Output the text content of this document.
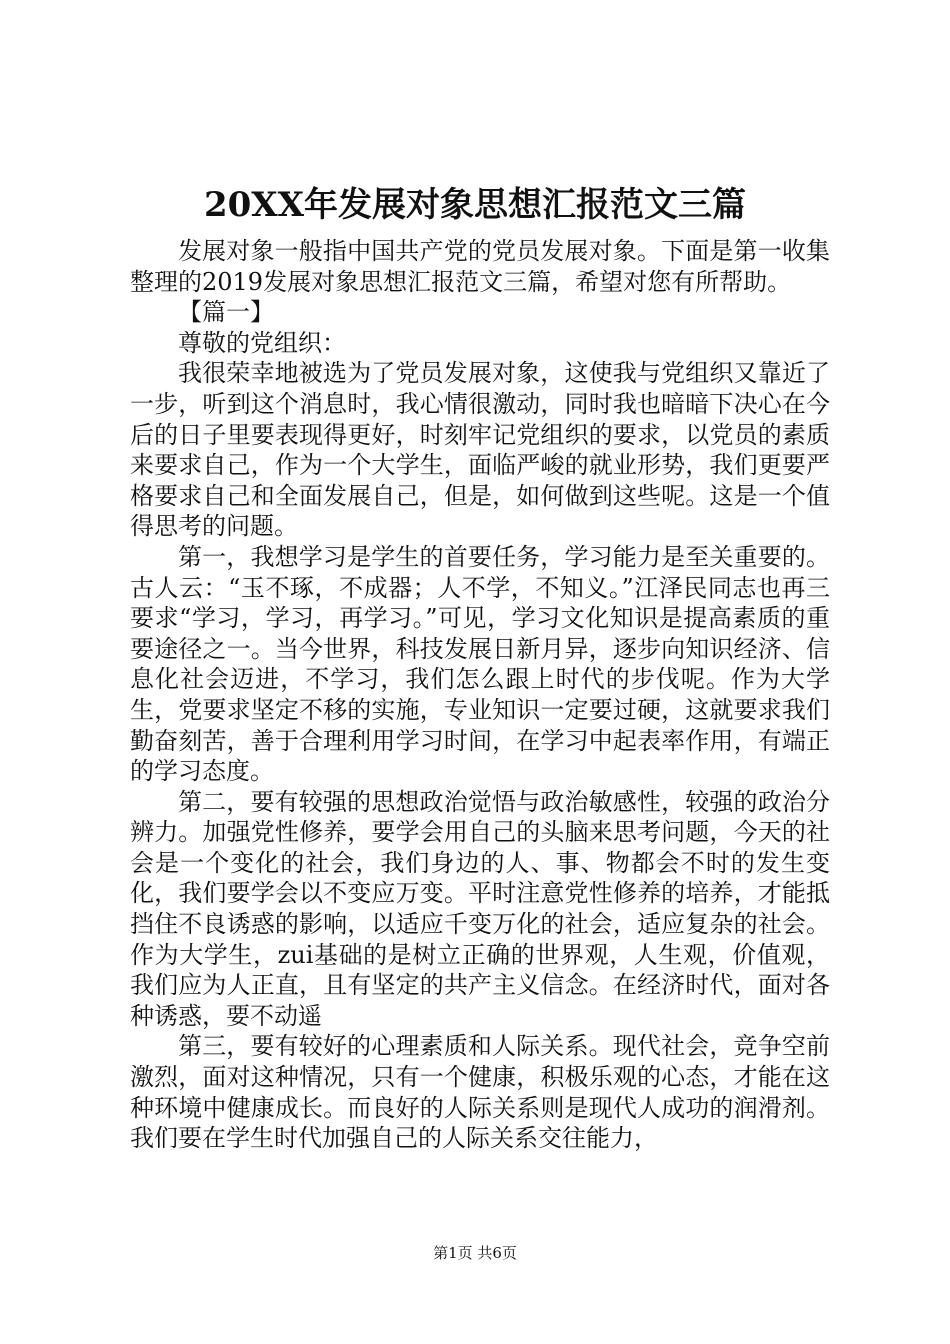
20XX年发展对象思想汇报范文三篇

发展对象一般指中国共产党的党员发展对象。下面是第一收集整理的2019发展对象思想汇报范文三篇，希望对您有所帮助。

【篇一】

尊敬的党组织：

我很荣幸地被选为了党员发展对象，这使我与党组织又靠近了一步，听到这个消息时，我心情很激动，同时我也暗暗下决心在今后的日子里要表现得更好，时刻牢记党组织的要求，以党员的素质来要求自己，作为一个大学生，面临严峻的就业形势，我们更要严格要求自己和全面发展自己，但是，如何做到这些呢。这是一个值得思考的问题。

第一，我想学习是学生的首要任务，学习能力是至关重要的。古人云：“玉不琢，不成器；人不学，不知义。”江泽民同志也再三要求“学习，学习，再学习。”可见，学习文化知识是提高素质的重要途径之一。当今世界，科技发展日新月异，逐步向知识经济、信息化社会迈进，不学习，我们怎么跟上时代的步伐呢。作为大学生，党要求坚定不移的实施，专业知识一定要过硬，这就要求我们勤奋刻苦，善于合理利用学习时间，在学习中起表率作用，有端正的学习态度。

第二，要有较强的思想政治觉悟与政治敏感性，较强的政治分辨力。加强党性修养，要学会用自己的头脑来思考问题，今天的社会是一个变化的社会，我们身边的人、事、物都会不时的发生变化，我们要学会以不变应万变。平时注意党性修养的培养，才能抵挡住不良诱惑的影响，以适应千变万化的社会，适应复杂的社会。作为大学生，zui基础的是树立正确的世界观，人生观，价值观，我们应为人正直，且有坚定的共产主义信念。在经济时代，面对各种诱惑，要不动遥

第三，要有较好的心理素质和人际关系。现代社会，竞争空前激烈，面对这种情况，只有一个健康，积极乐观的心态，才能在这种环境中健康成长。而良好的人际关系则是现代人成功的润滑剂。我们要在学生时代加强自己的人际关系交往能力，

第1页 共6页
